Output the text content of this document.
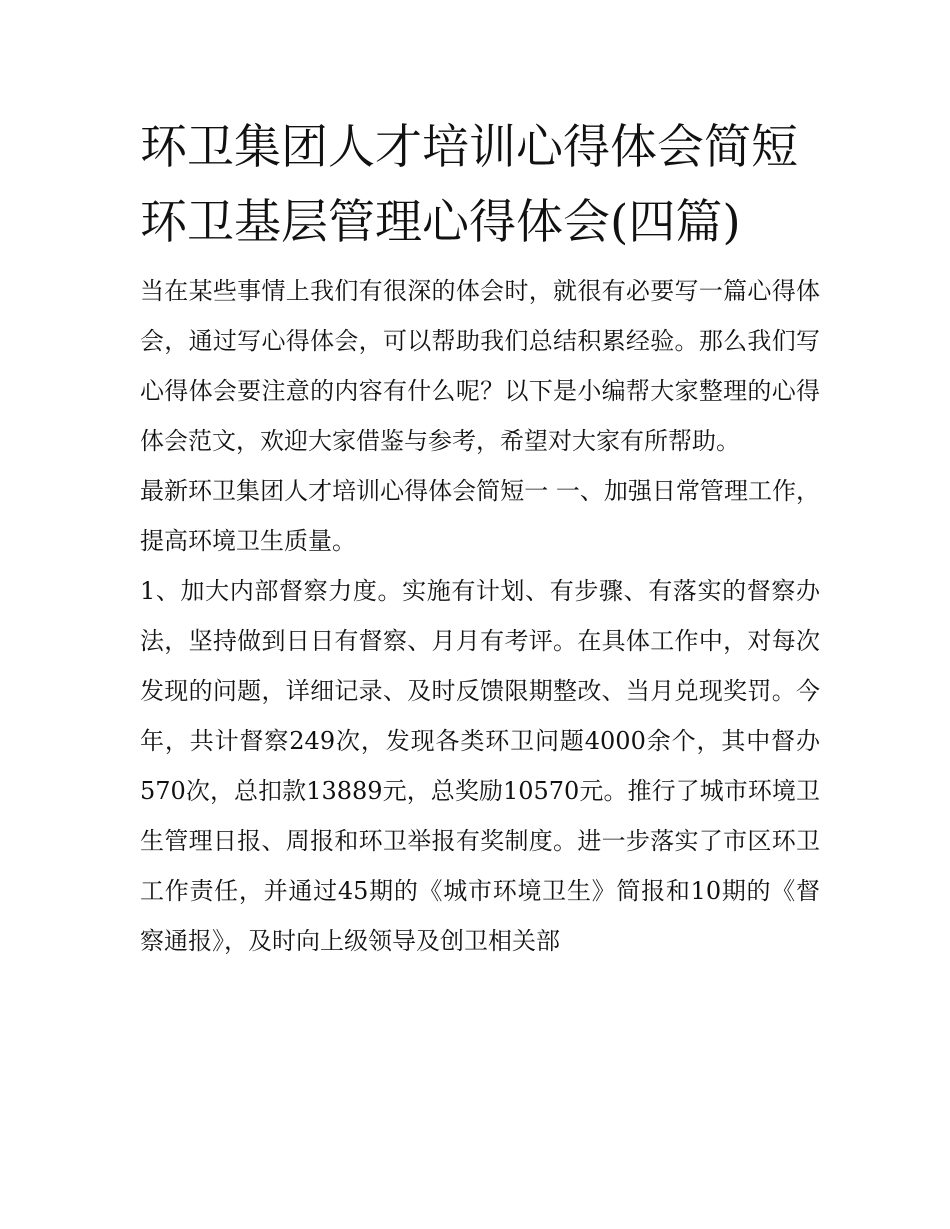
环卫集团人才培训心得体会简短 环卫基层管理心得体会(四篇)

当在某些事情上我们有很深的体会时，就很有必要写一篇心得体会，通过写心得体会，可以帮助我们总结积累经验。那么我们写心得体会要注意的内容有什么呢？以下是小编帮大家整理的心得体会范文，欢迎大家借鉴与参考，希望对大家有所帮助。

最新环卫集团人才培训心得体会简短一 一、加强日常管理工作，提高环境卫生质量。

1、加大内部督察力度。实施有计划、有步骤、有落实的督察办法，坚持做到日日有督察、月月有考评。在具体工作中，对每次发现的问题，详细记录、及时反馈限期整改、当月兑现奖罚。今年，共计督察249次，发现各类环卫问题4000余个，其中督办570次，总扣款13889元，总奖励10570元。推行了城市环境卫生管理日报、周报和环卫举报有奖制度。进一步落实了市区环卫工作责任，并通过45期的《城市环境卫生》简报和10期的《督察通报》，及时向上级领导及创卫相关部
